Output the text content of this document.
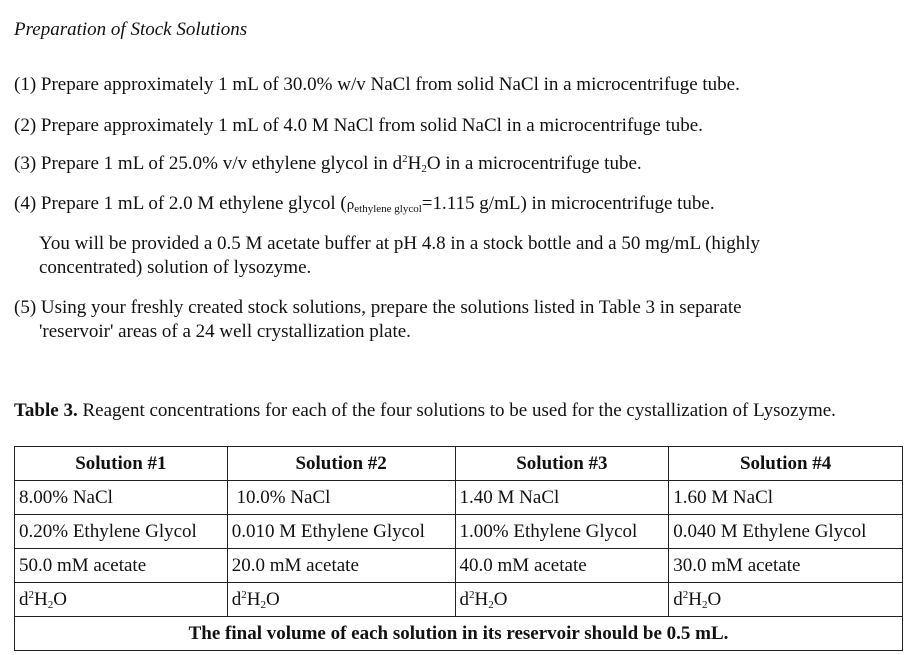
Preparation of Stock Solutions
(1) Prepare approximately 1 mL of 30.0% w/v NaCl from solid NaCl in a microcentrifuge tube.
(2) Prepare approximately 1 mL of 4.0 M NaCl from solid NaCl in a microcentrifuge tube.
(3) Prepare 1 mL of 25.0% v/v ethylene glycol in $d^2H_2O$ in a microcentrifuge tube.
(4) Prepare 1 mL of 2.0 M ethylene glycol ($\rho_{ethylene glycol}=1.115$ g/mL) in microcentrifuge tube.
You will be provided a 0.5 M acetate buffer at pH 4.8 in a stock bottle and a 50 mg/mL (highly concentrated) solution of lysozyme.
(5) Using your freshly created stock solutions, prepare the solutions listed in Table 3 in separate
'reservoir' areas of a 24 well crystallization plate.
Table 3. Reagent concentrations for each of the four solutions to be used for the cystallization of Lysozyme.
Solution #1	Solution #2	Solution #3	Solution #4
8.00% NaCl	10.0% NaCl	1.40 M NaCl	1.60 M NaCl
0.20% Ethylene Glycol	0.010 M Ethylene Glycol	1.00% Ethylene Glycol	0.040 M Ethylene Glycol
50.0 mM acetate	20.0 mM acetate	40.0 mM acetate	30.0 mM acetate
$d^2H_2O$	$d^2H_2O$	$d^2H_2O$	$d^2H_2O$
The final volume of each solution in its reservoir should be 0.5 mL.			
